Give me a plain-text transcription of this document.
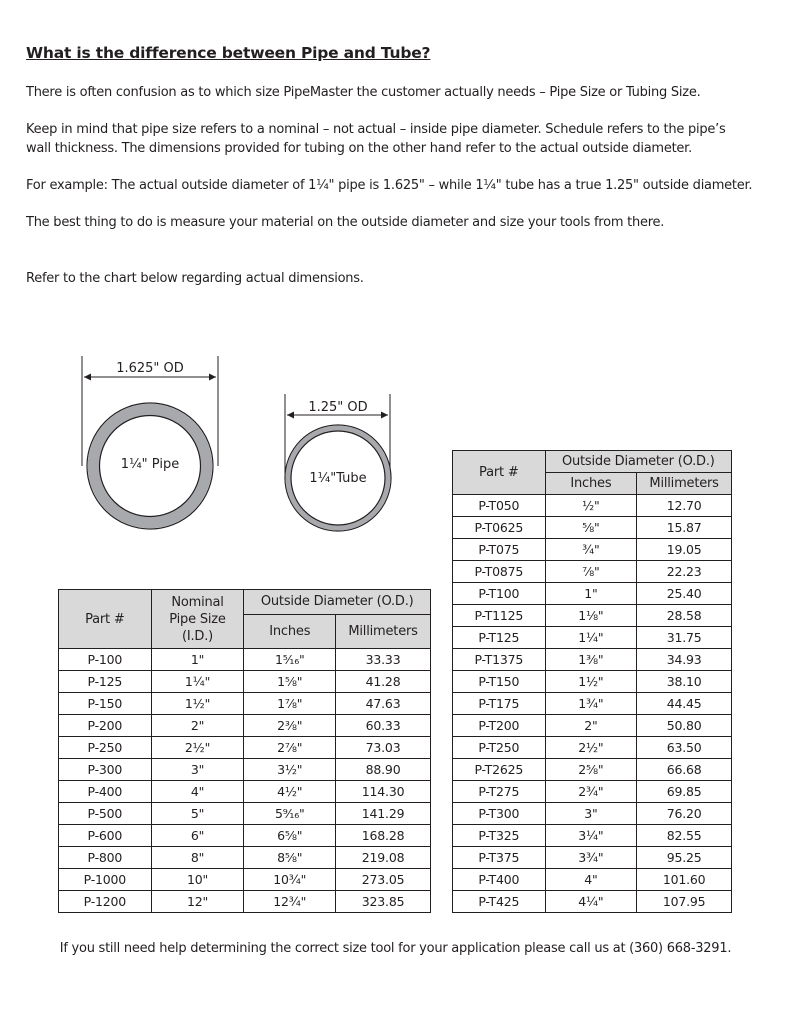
What is the difference between Pipe and Tube?

There is often confusion as to which size PipeMaster the customer actually needs – Pipe Size or Tubing Size.

Keep in mind that pipe size refers to a nominal – not actual – inside pipe diameter. Schedule refers to the pipe’s

wall thickness. The dimensions provided for tubing on the other hand refer to the actual outside diameter.

For example: The actual outside diameter of 1¼" pipe is 1.625" – while 1¼" tube has a true 1.25" outside diameter.

The best thing to do is measure your material on the outside diameter and size your tools from there.

Refer to the chart below regarding actual dimensions.

1.625" OD
1¼" Pipe
1.25" OD
1¼"Tube
Part #	Nominal
Pipe Size
(I.D.)	Outside Diameter (O.D.)	
		Inches	Millimeters
P-100	1"	1⁵⁄₁₆"	33.33
P-125	1¼"	1⅝"	41.28
P-150	1½"	1⅞"	47.63
P-200	2"	2⅜"	60.33
P-250	2½"	2⅞"	73.03
P-300	3"	3½"	88.90
P-400	4"	4½"	114.30
P-500	5"	5⁹⁄₁₆"	141.29
P-600	6"	6⅝"	168.28
P-800	8"	8⅝"	219.08
P-1000	10"	10¾"	273.05
P-1200	12"	12¾"	323.85
Part #	Outside Diameter (O.D.)	
	Inches	Millimeters
P-T050	½"	12.70
P-T0625	⅝"	15.87
P-T075	¾"	19.05
P-T0875	⅞"	22.23
P-T100	1"	25.40
P-T1125	1⅛"	28.58
P-T125	1¼"	31.75
P-T1375	1⅜"	34.93
P-T150	1½"	38.10
P-T175	1¾"	44.45
P-T200	2"	50.80
P-T250	2½"	63.50
P-T2625	2⅝"	66.68
P-T275	2¾"	69.85
P-T300	3"	76.20
P-T325	3¼"	82.55
P-T375	3¾"	95.25
P-T400	4"	101.60
P-T425	4¼"	107.95

If you still need help determining the correct size tool for your application please call us at (360) 668-3291.
